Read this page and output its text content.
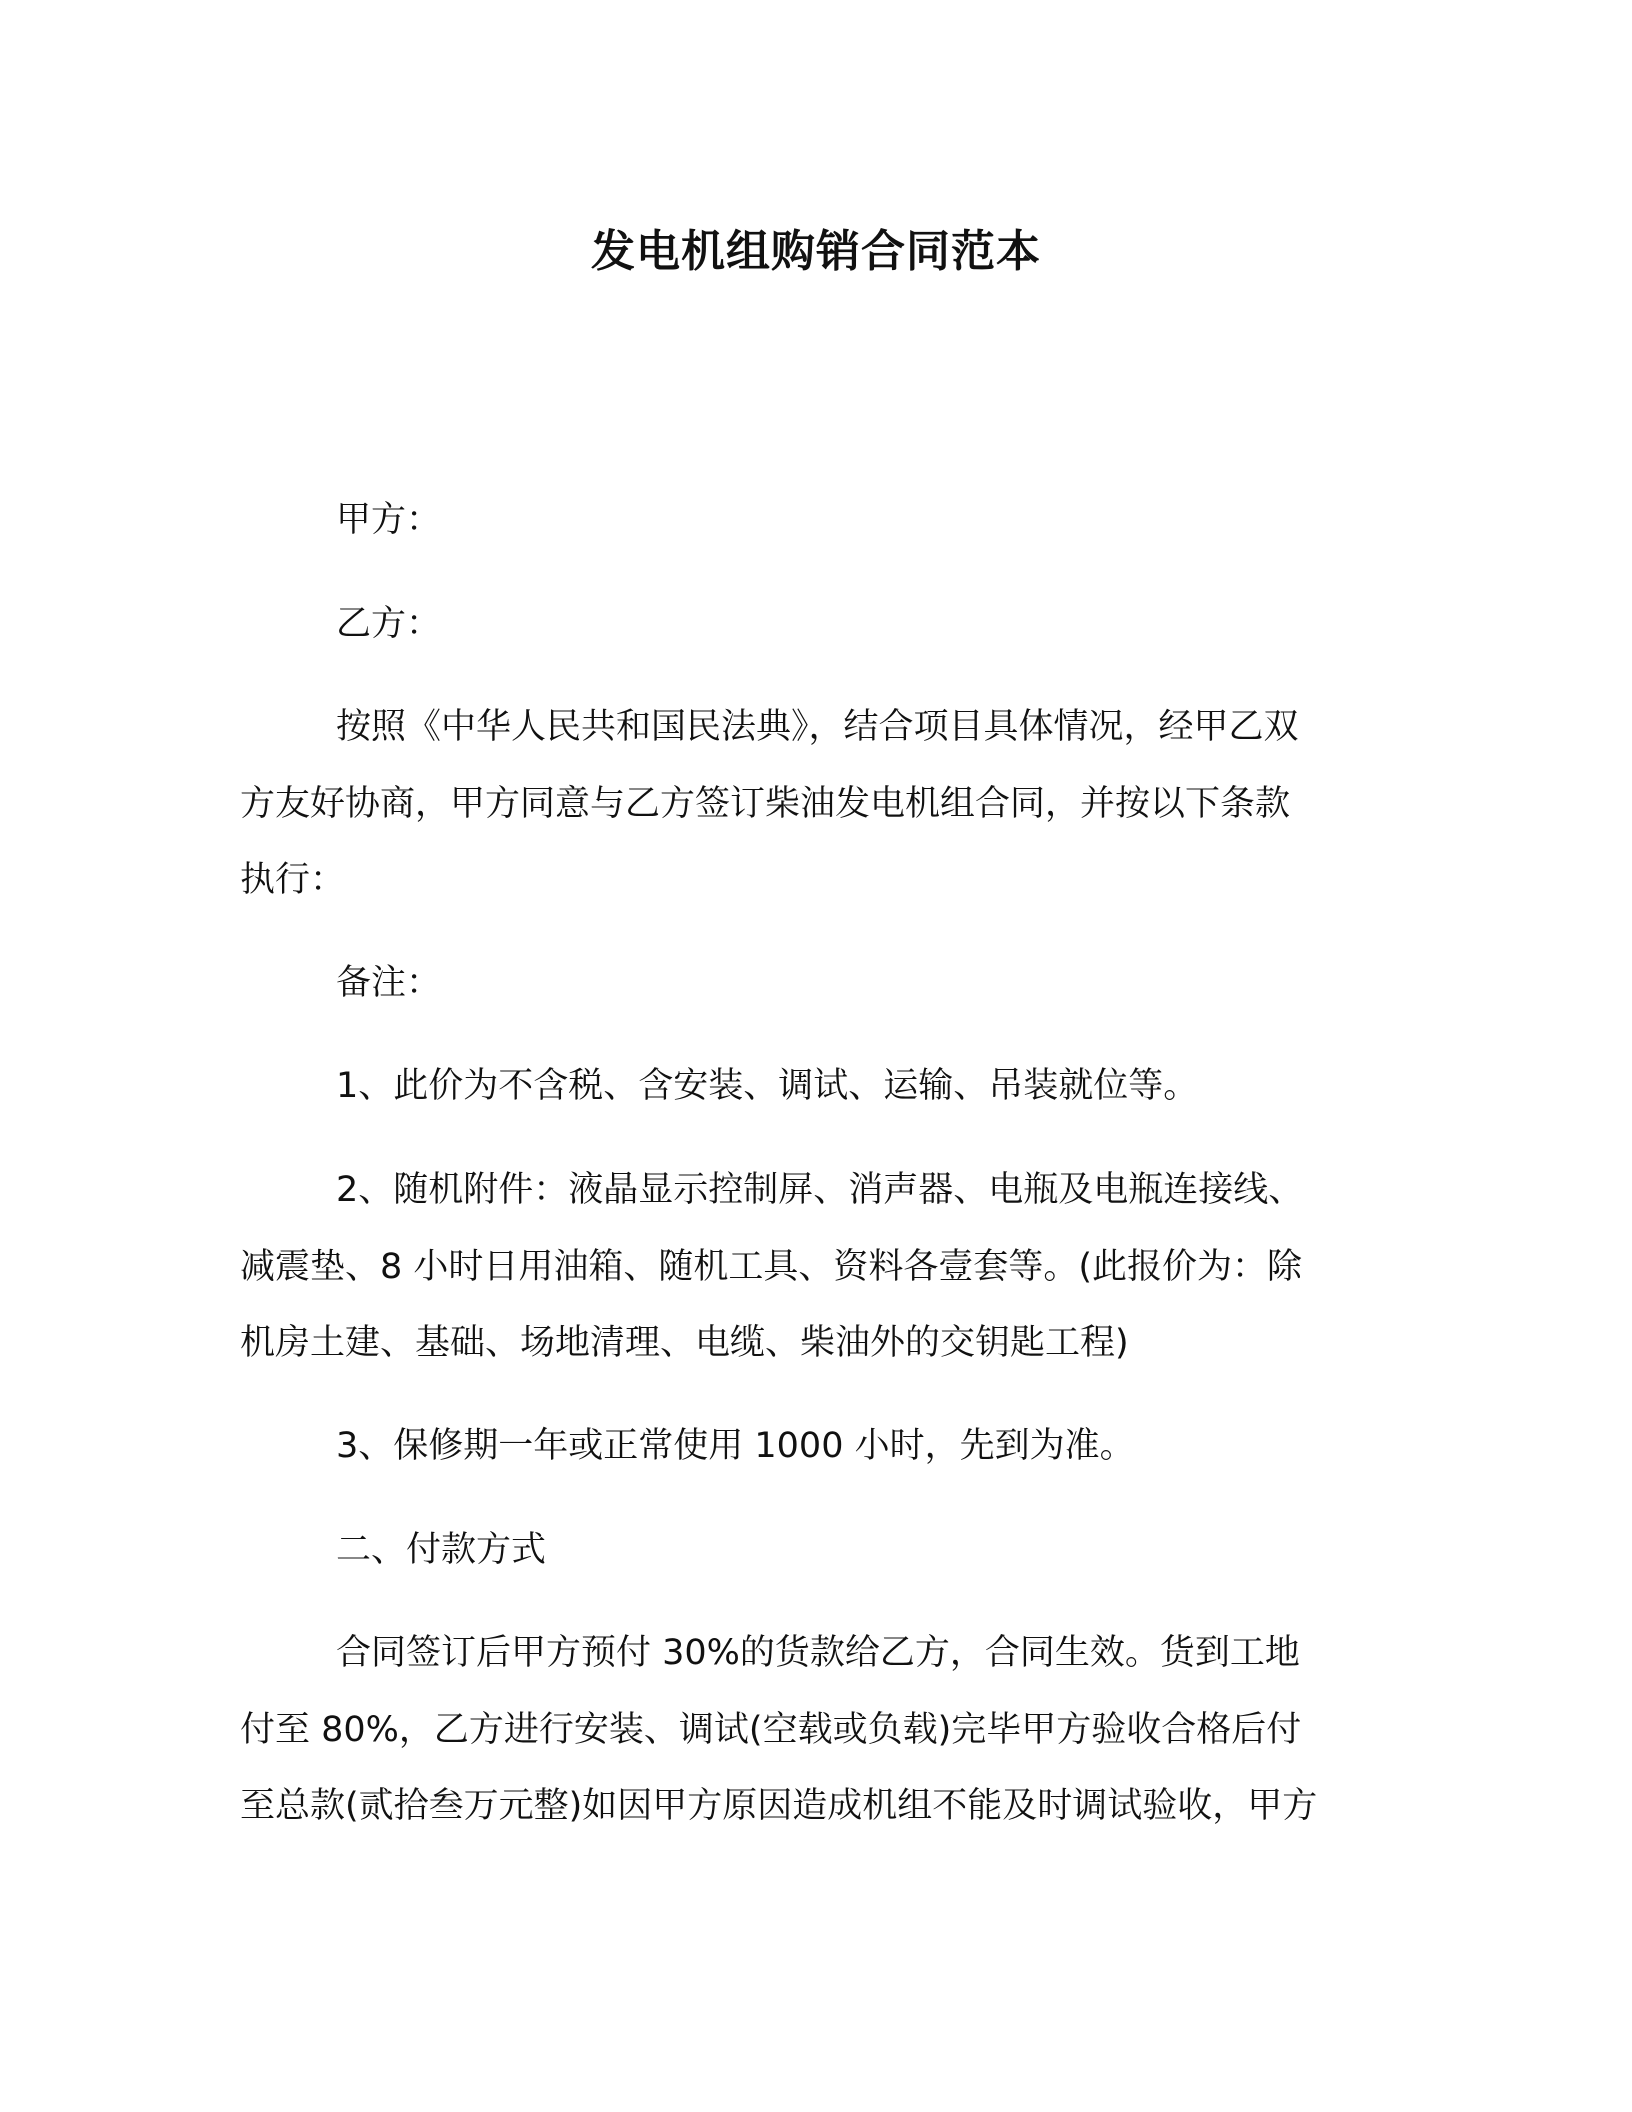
发电机组购销合同范本

甲方：

乙方：

按照《中华人民共和国民法典》，结合项目具体情况，经甲乙双

方友好协商，甲方同意与乙方签订柴油发电机组合同，并按以下条款

执行：

备注：

1、此价为不含税、含安装、调试、运输、吊装就位等。

2、随机附件：液晶显示控制屏、消声器、电瓶及电瓶连接线、

减震垫、8 小时日用油箱、随机工具、资料各壹套等。(此报价为：除

机房土建、基础、场地清理、电缆、柴油外的交钥匙工程)

3、保修期一年或正常使用 1000 小时，先到为准。

二、付款方式

合同签订后甲方预付 30%的货款给乙方，合同生效。货到工地

付至 80%，乙方进行安装、调试(空载或负载)完毕甲方验收合格后付

至总款(贰拾叁万元整)如因甲方原因造成机组不能及时调试验收，甲方
